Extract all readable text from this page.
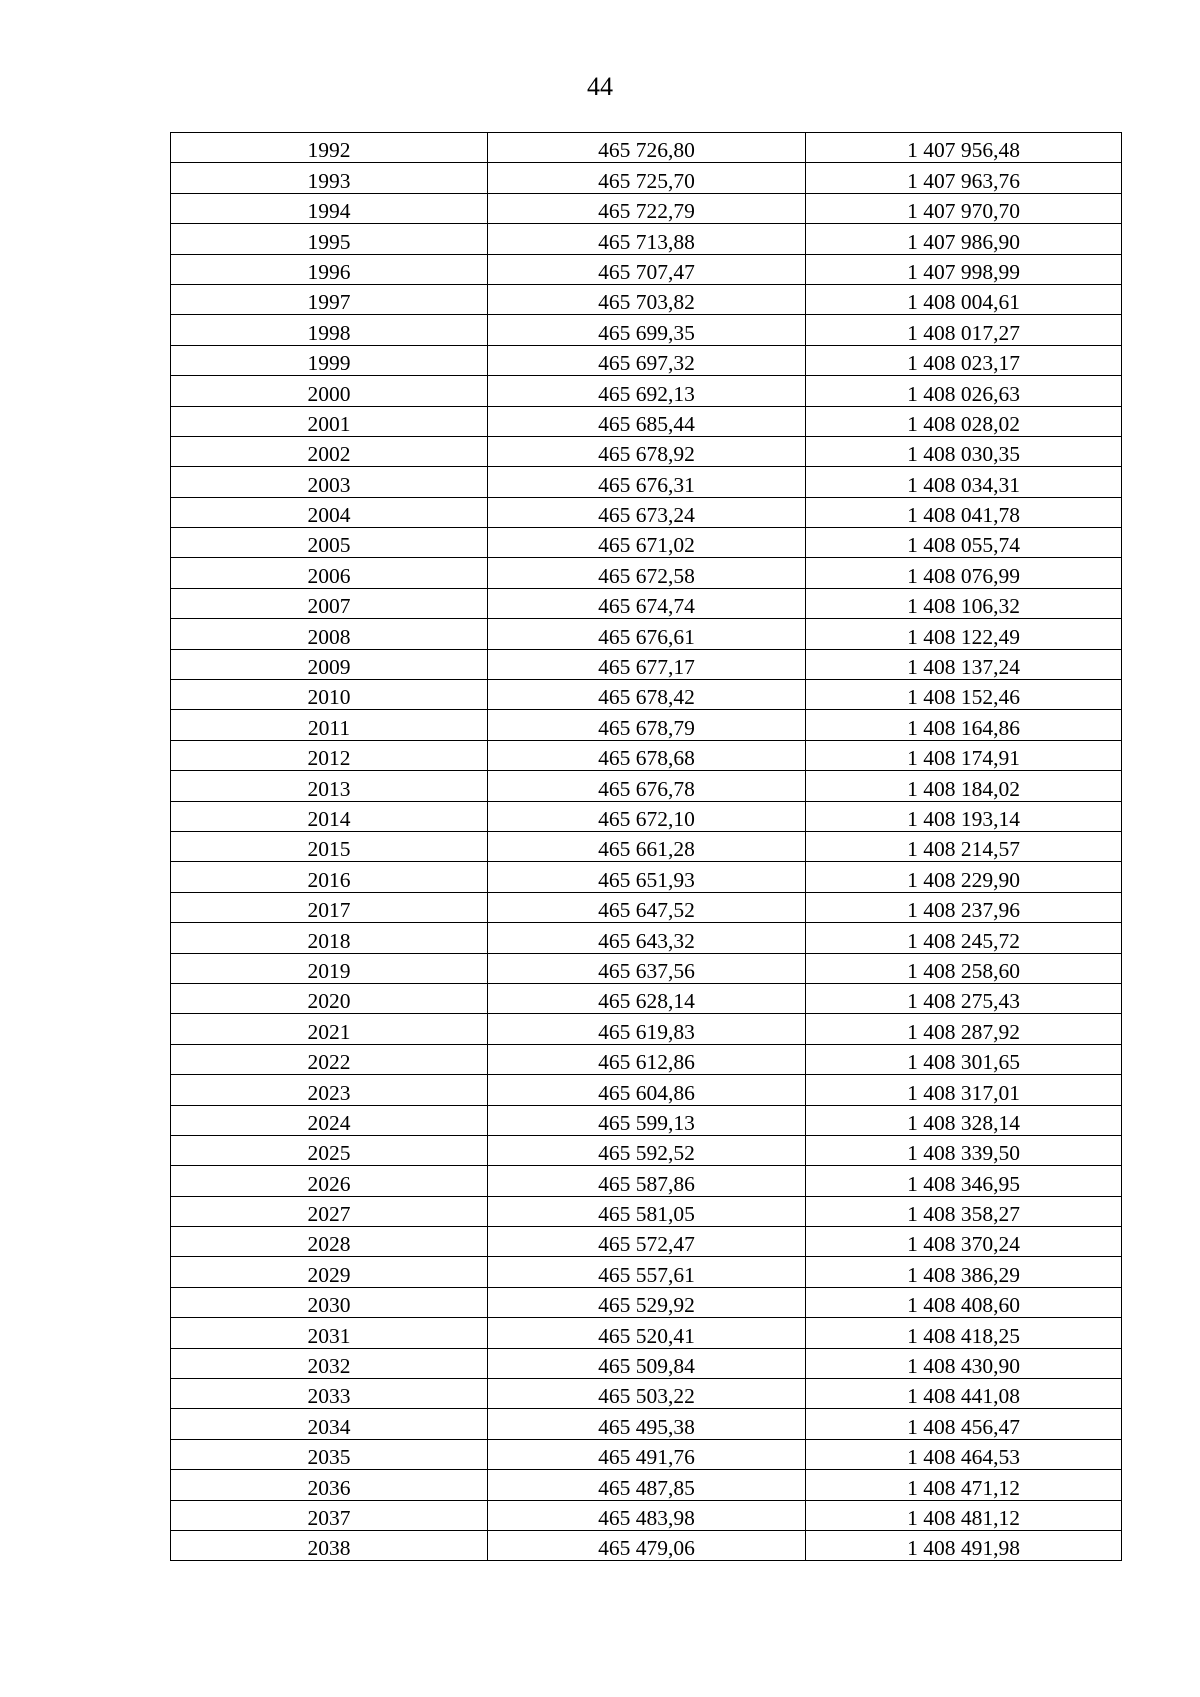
44
1992	465 726,80	1 407 956,48
1993	465 725,70	1 407 963,76
1994	465 722,79	1 407 970,70
1995	465 713,88	1 407 986,90
1996	465 707,47	1 407 998,99
1997	465 703,82	1 408 004,61
1998	465 699,35	1 408 017,27
1999	465 697,32	1 408 023,17
2000	465 692,13	1 408 026,63
2001	465 685,44	1 408 028,02
2002	465 678,92	1 408 030,35
2003	465 676,31	1 408 034,31
2004	465 673,24	1 408 041,78
2005	465 671,02	1 408 055,74
2006	465 672,58	1 408 076,99
2007	465 674,74	1 408 106,32
2008	465 676,61	1 408 122,49
2009	465 677,17	1 408 137,24
2010	465 678,42	1 408 152,46
2011	465 678,79	1 408 164,86
2012	465 678,68	1 408 174,91
2013	465 676,78	1 408 184,02
2014	465 672,10	1 408 193,14
2015	465 661,28	1 408 214,57
2016	465 651,93	1 408 229,90
2017	465 647,52	1 408 237,96
2018	465 643,32	1 408 245,72
2019	465 637,56	1 408 258,60
2020	465 628,14	1 408 275,43
2021	465 619,83	1 408 287,92
2022	465 612,86	1 408 301,65
2023	465 604,86	1 408 317,01
2024	465 599,13	1 408 328,14
2025	465 592,52	1 408 339,50
2026	465 587,86	1 408 346,95
2027	465 581,05	1 408 358,27
2028	465 572,47	1 408 370,24
2029	465 557,61	1 408 386,29
2030	465 529,92	1 408 408,60
2031	465 520,41	1 408 418,25
2032	465 509,84	1 408 430,90
2033	465 503,22	1 408 441,08
2034	465 495,38	1 408 456,47
2035	465 491,76	1 408 464,53
2036	465 487,85	1 408 471,12
2037	465 483,98	1 408 481,12
2038	465 479,06	1 408 491,98
